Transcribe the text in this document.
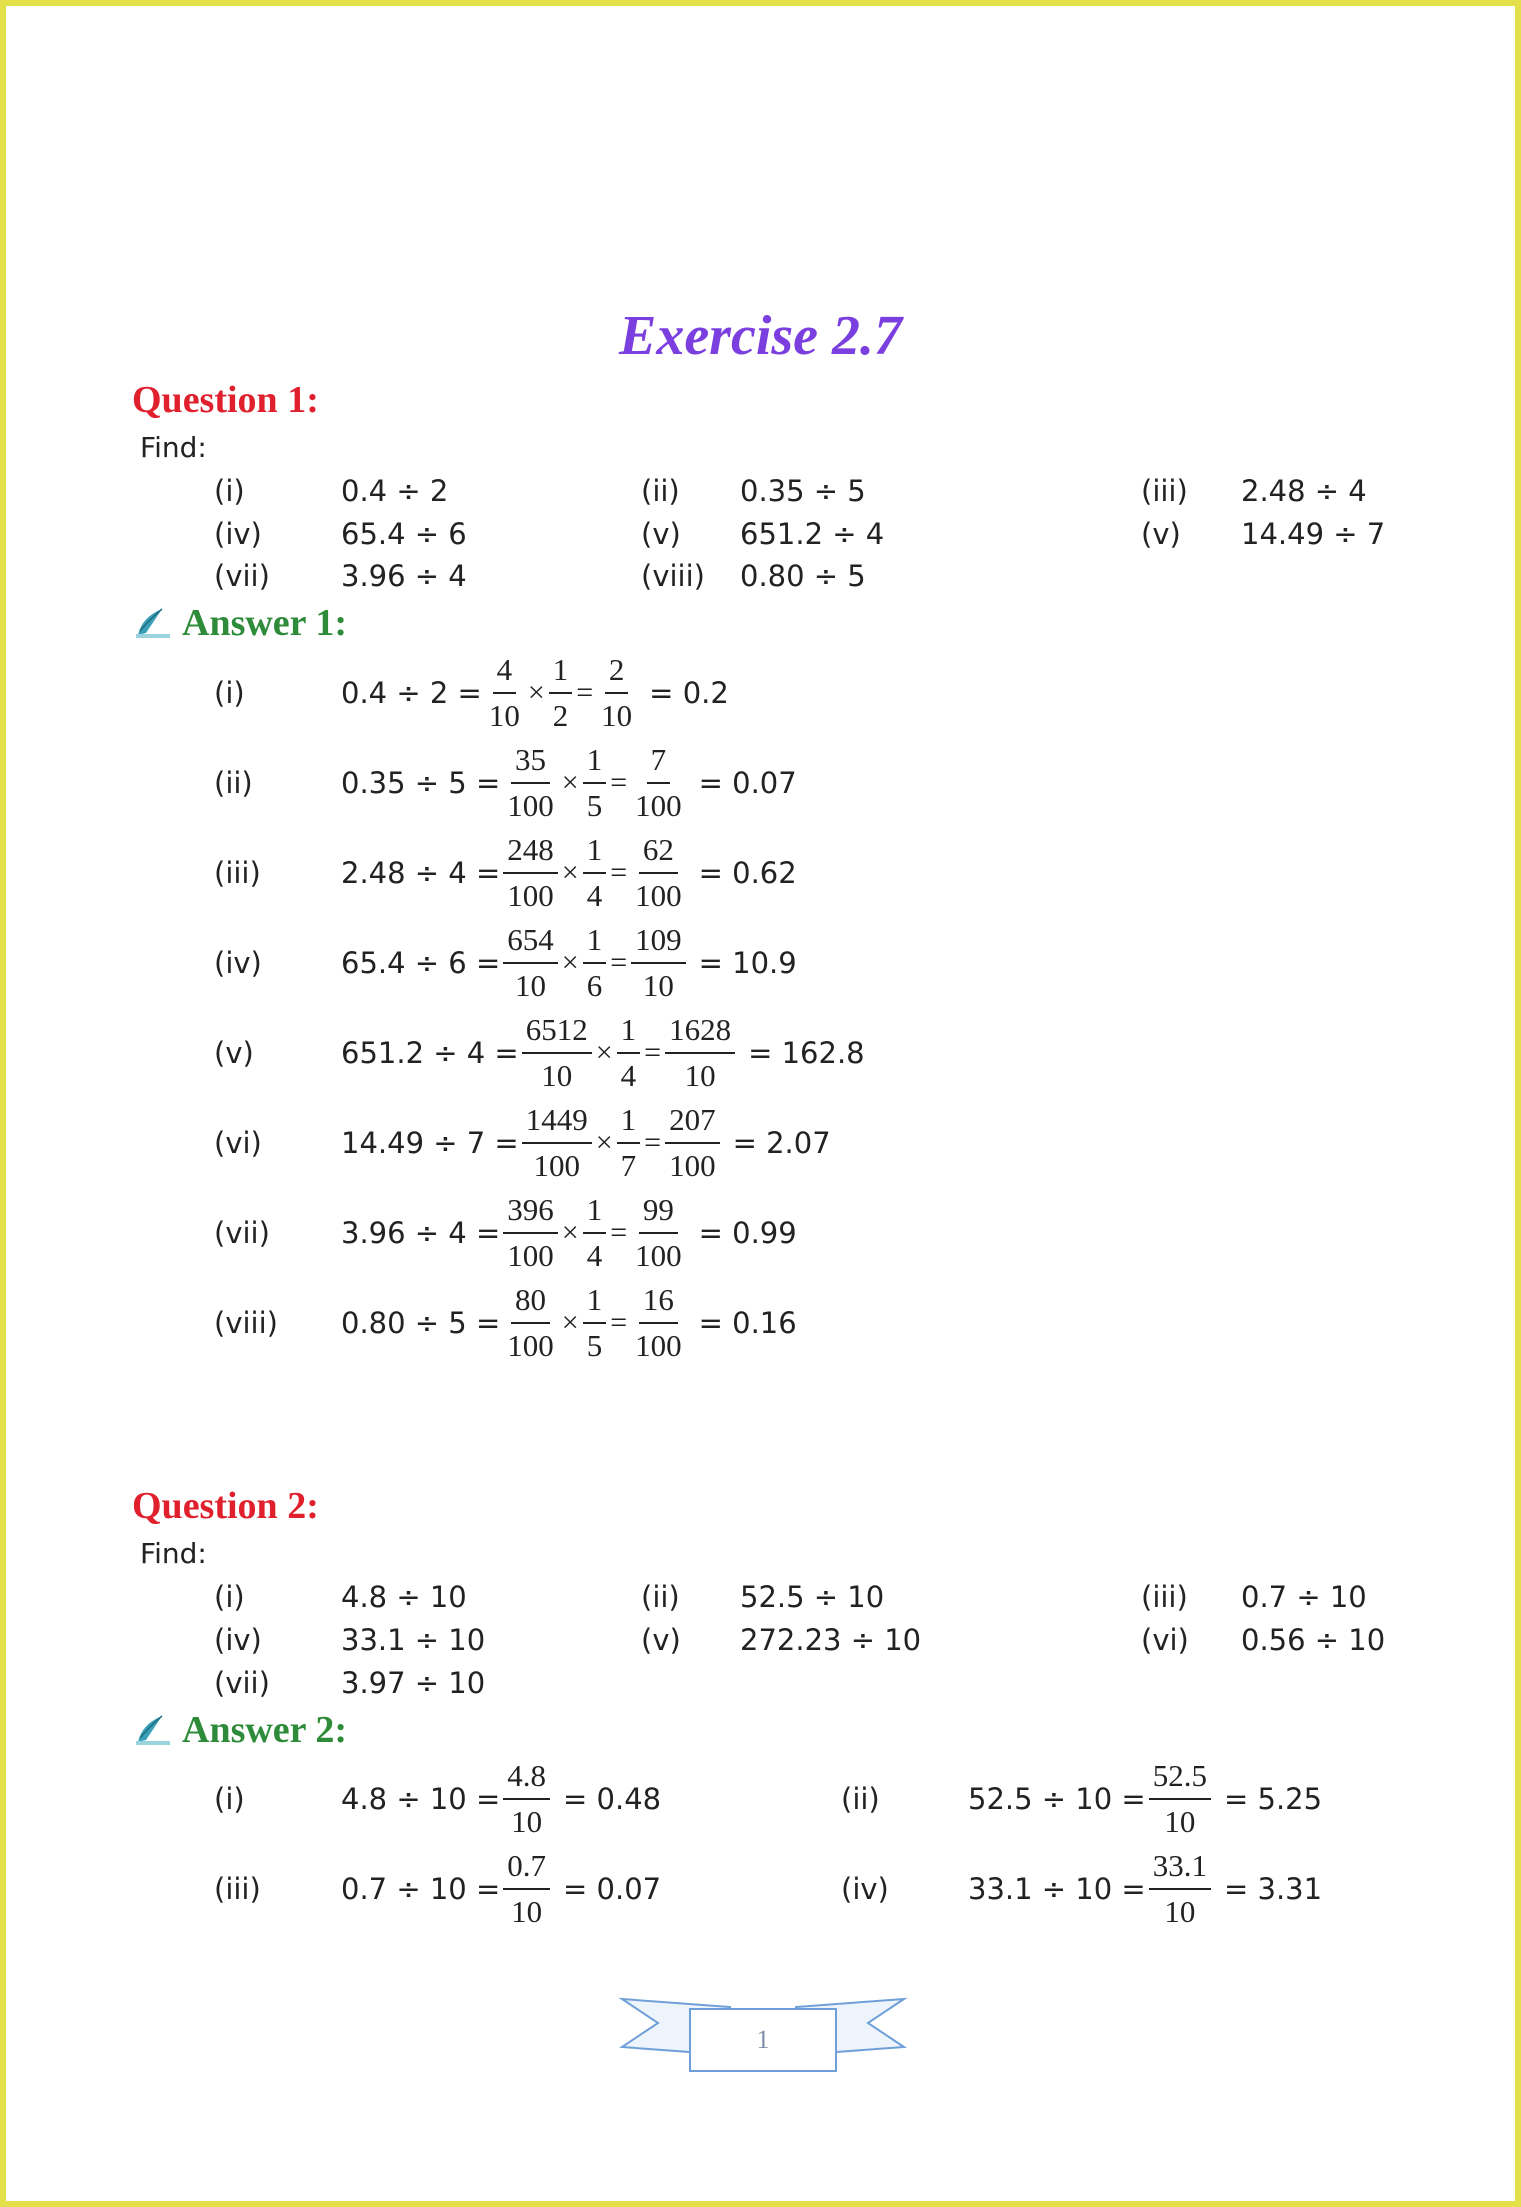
Exercise 2.7
Question 1:
Find:
(i)	0.4 ÷ 2	(ii) 0.35 ÷ 5	(iii) 2.48 ÷ 4
(iv)	65.4 ÷ 6	(v) 651.2 ÷ 4	(v) 14.49 ÷ 7
(vii) 3.96 ÷ 4	(viii) 0.80 ÷ 5
Answer 1:
(i)	$0.4 \div 2 = \frac{4}{10} \times \frac{1}{2} = \frac{2}{10} = 0.2$
(ii)	$0.35 \div 5 = \frac{35}{100} \times \frac{1}{5} = \frac{7}{100} = 0.07$
(iii)	$2.48 \div 4 = \frac{248}{100} \times \frac{1}{4} = \frac{62}{100} = 0.62$
(iv)	$65.4 \div 6 = \frac{654}{10} \times \frac{1}{6} = \frac{109}{10} = 10.9$
(v)	$651.2 \div 4 = \frac{6512}{10} \times \frac{1}{4} = \frac{1628}{10} = 162.8$
(vi)	$14.49 \div 7 = \frac{1449}{100} \times \frac{1}{7} = \frac{207}{100} = 2.07$
(vii)	$3.96 \div 4 = \frac{396}{100} \times \frac{1}{4} = \frac{99}{100} = 0.99$
(viii)	$0.80 \div 5 = \frac{80}{100} \times \frac{1}{5} = \frac{16}{100} = 0.16$
Question 2:
Find:
(i)	4.8 ÷ 10	(ii) 52.5 ÷ 10	(iii) 0.7 ÷ 10
(iv)	33.1 ÷ 10	(v) 272.23 ÷ 10	(vi) 0.56 ÷ 10
(vii) 3.97 ÷ 10
Answer 2:
(i)	$4.8 \div 10 = \frac{4.8}{10} = 0.48$	(ii)	$52.5 \div 10 = \frac{52.5}{10} = 5.25$
(iii)	$0.7 \div 10 = \frac{0.7}{10} = 0.07$	(iv)	$33.1 \div 10 = \frac{33.1}{10} = 3.31$
1
